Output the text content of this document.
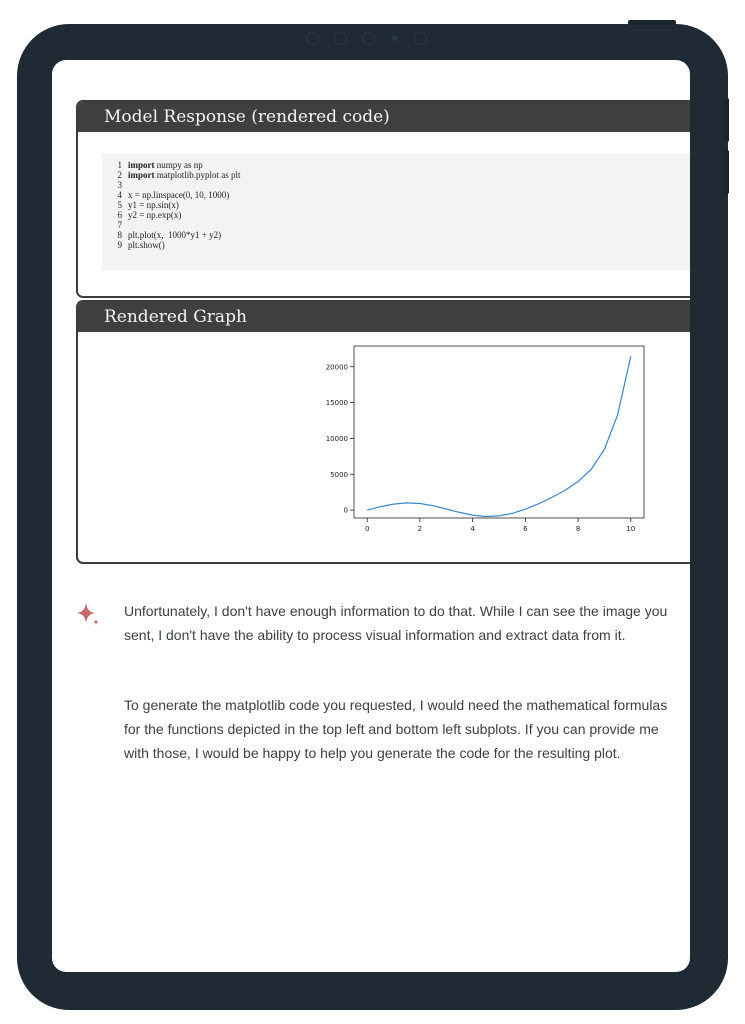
Model Response (rendered code)
1 import numpy as np
2 import matplotlib.pyplot as plt
3
4 x = np.linspace(0, 10, 1000)
5 y1 = np.sin(x)
6 y2 = np.exp(x)
7
8 plt.plot(x,  1000*y1 + y2)
9 plt.show()
Rendered Graph
0	2	4	6	8	10
0
5000
10000
15000
20000
Unfortunately, I don't have enough information to do that. While I can see the image you sent, I don't have the ability to process visual information and extract data from it.
To generate the matplotlib code you requested, I would need the mathematical formulas for the functions depicted in the top left and bottom left subplots. If you can provide me with those, I would be happy to help you generate the code for the resulting plot.
